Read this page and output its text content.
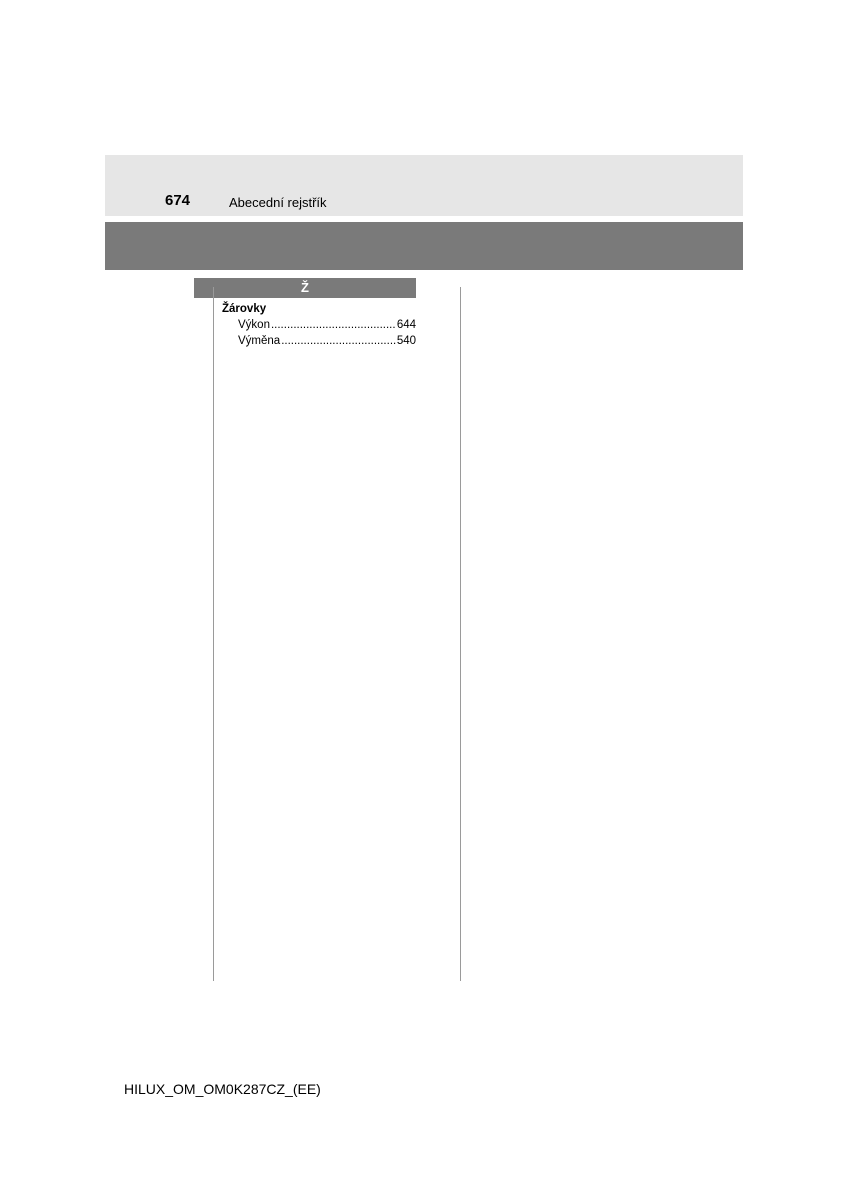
674	Abecední rejstřík
Ž
Žárovky
Výkon .....	644
Výměna .....	540
HILUX_OM_OM0K287CZ_(EE)
